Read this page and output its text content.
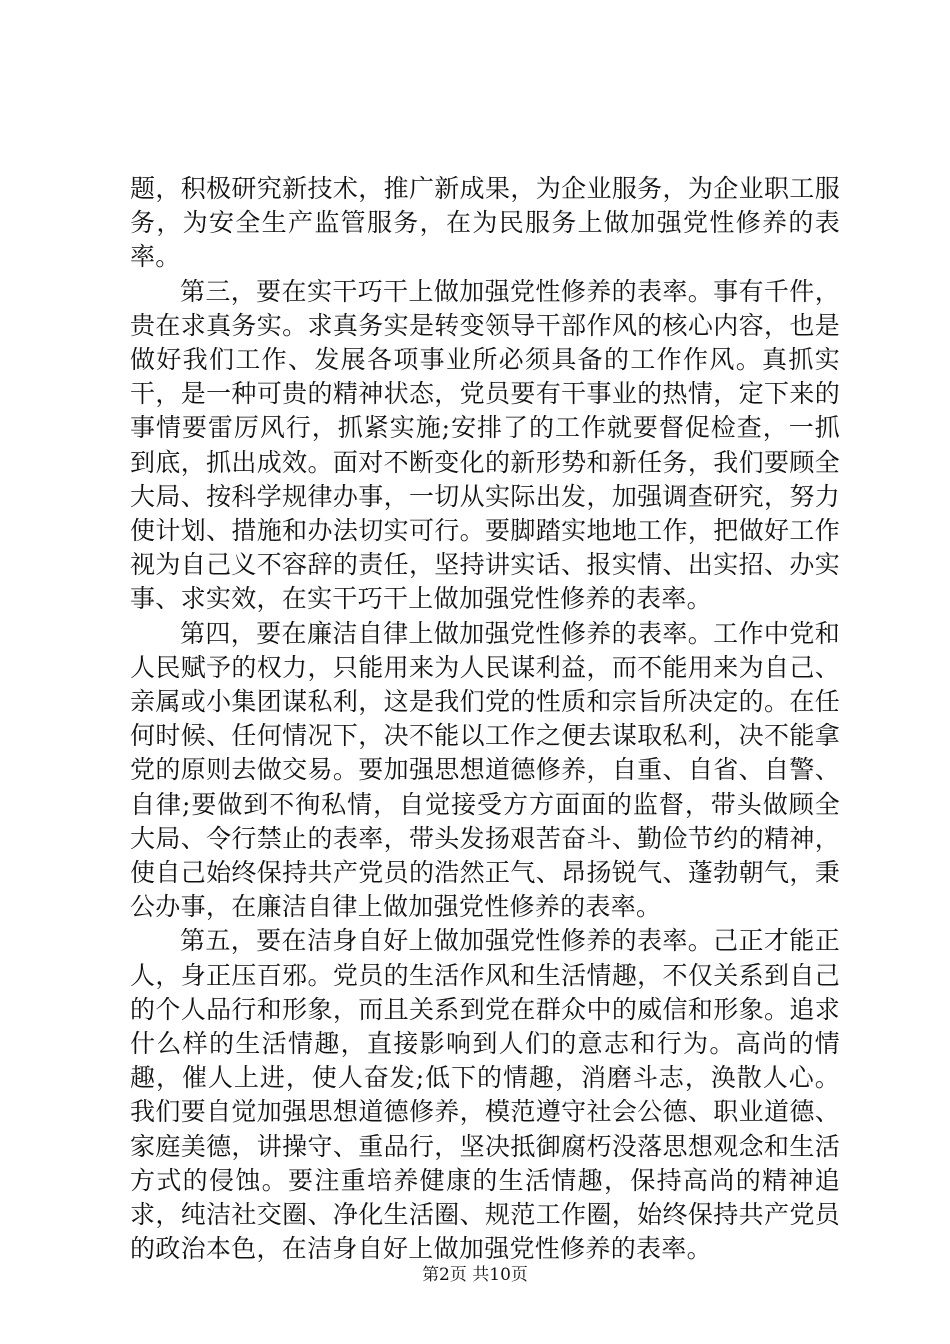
题，积极研究新技术，推广新成果，为企业服务，为企业职工服务，为安全生产监管服务，在为民服务上做加强党性修养的表率。

第三，要在实干巧干上做加强党性修养的表率。事有千件，贵在求真务实。求真务实是转变领导干部作风的核心内容，也是做好我们工作、发展各项事业所必须具备的工作作风。真抓实干，是一种可贵的精神状态，党员要有干事业的热情，定下来的事情要雷厉风行，抓紧实施;安排了的工作就要督促检查，一抓到底，抓出成效。面对不断变化的新形势和新任务，我们要顾全大局、按科学规律办事，一切从实际出发，加强调查研究，努力使计划、措施和办法切实可行。要脚踏实地地工作，把做好工作视为自己义不容辞的责任，坚持讲实话、报实情、出实招、办实事、求实效，在实干巧干上做加强党性修养的表率。

第四，要在廉洁自律上做加强党性修养的表率。工作中党和人民赋予的权力，只能用来为人民谋利益，而不能用来为自己、亲属或小集团谋私利，这是我们党的性质和宗旨所决定的。在任何时候、任何情况下，决不能以工作之便去谋取私利，决不能拿党的原则去做交易。要加强思想道德修养，自重、自省、自警、自律;要做到不徇私情，自觉接受方方面面的监督，带头做顾全大局、令行禁止的表率，带头发扬艰苦奋斗、勤俭节约的精神，使自己始终保持共产党员的浩然正气、昂扬锐气、蓬勃朝气，秉公办事，在廉洁自律上做加强党性修养的表率。

第五，要在洁身自好上做加强党性修养的表率。己正才能正人，身正压百邪。党员的生活作风和生活情趣，不仅关系到自己的个人品行和形象，而且关系到党在群众中的威信和形象。追求什么样的生活情趣，直接影响到人们的意志和行为。高尚的情趣，催人上进，使人奋发;低下的情趣，消磨斗志，涣散人心。我们要自觉加强思想道德修养，模范遵守社会公德、职业道德、家庭美德，讲操守、重品行，坚决抵御腐朽没落思想观念和生活方式的侵蚀。要注重培养健康的生活情趣，保持高尚的精神追求，纯洁社交圈、净化生活圈、规范工作圈，始终保持共产党员的政治本色，在洁身自好上做加强党性修养的表率。

第2页 共10页
